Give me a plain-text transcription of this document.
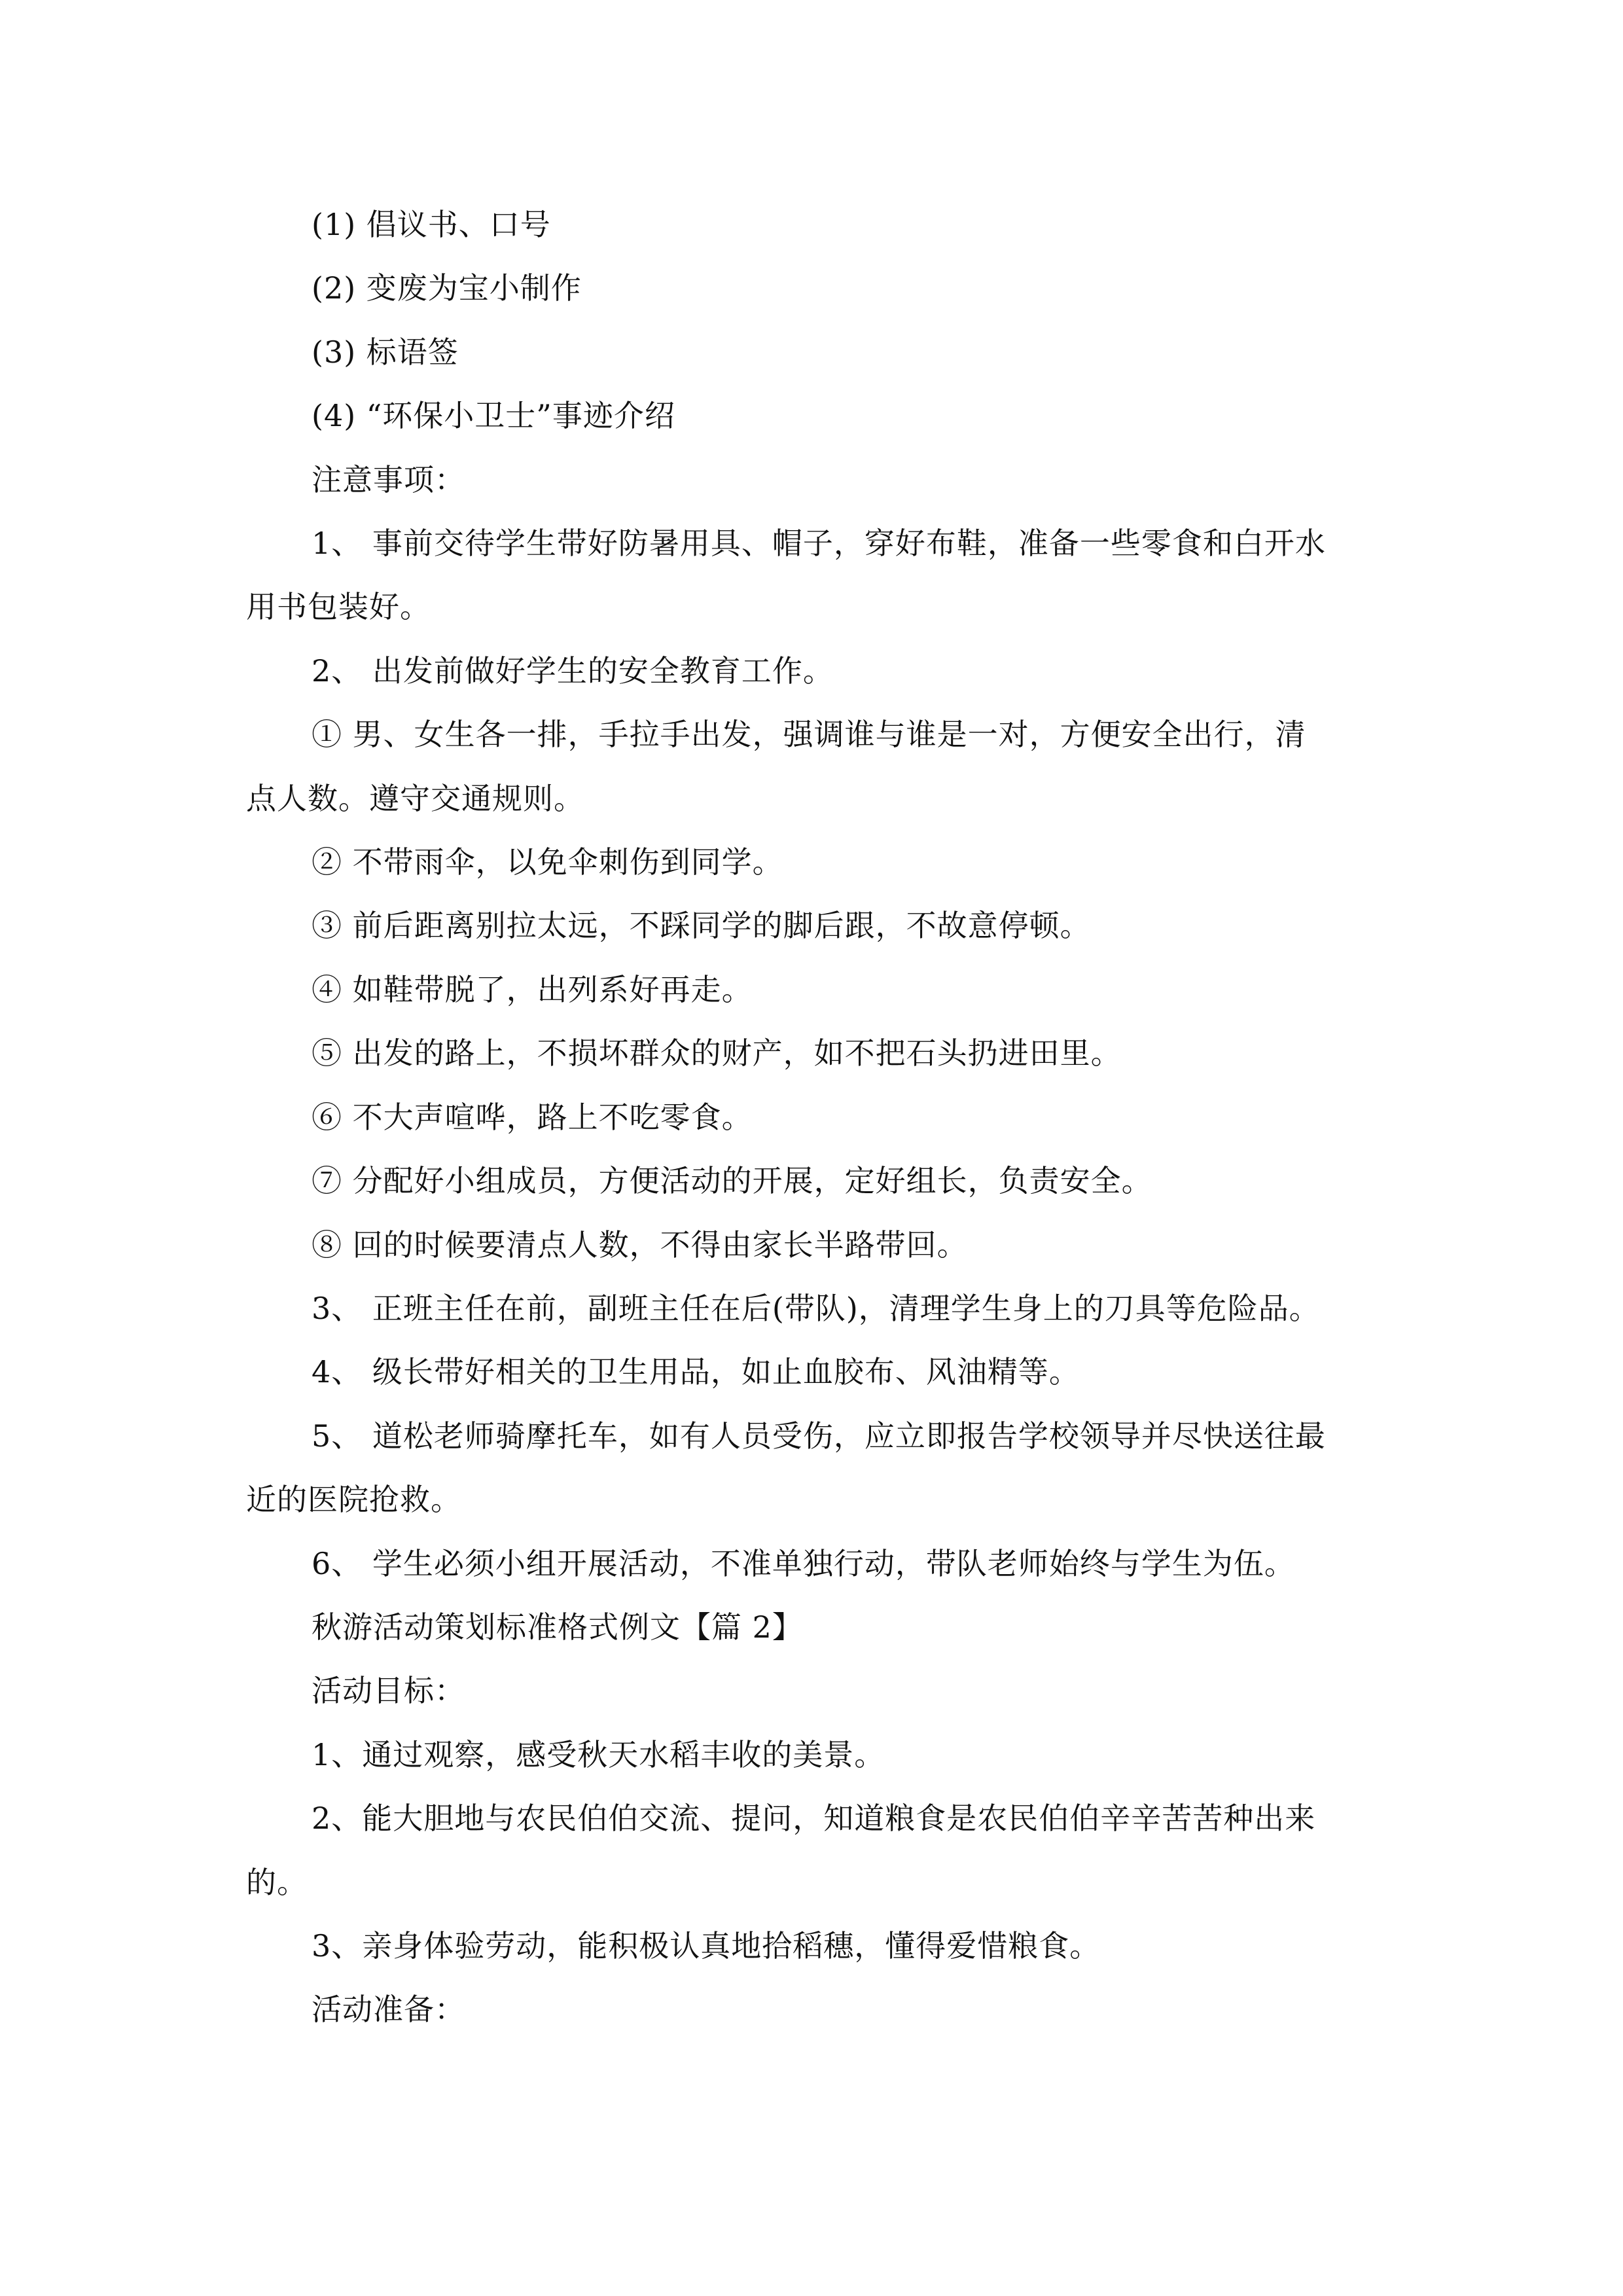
(1) 倡议书、口号
(2) 变废为宝小制作
(3) 标语签
(4) “环保小卫士”事迹介绍
注意事项：
1、 事前交待学生带好防暑用具、帽子，穿好布鞋，准备一些零食和白开水
用书包装好。
2、 出发前做好学生的安全教育工作。
① 男、女生各一排，手拉手出发，强调谁与谁是一对，方便安全出行，清
点人数。遵守交通规则。
② 不带雨伞，以免伞刺伤到同学。
③ 前后距离别拉太远，不踩同学的脚后跟，不故意停顿。
④ 如鞋带脱了，出列系好再走。
⑤ 出发的路上，不损坏群众的财产，如不把石头扔进田里。
⑥ 不大声喧哗，路上不吃零食。
⑦ 分配好小组成员，方便活动的开展，定好组长，负责安全。
⑧ 回的时候要清点人数，不得由家长半路带回。
3、 正班主任在前，副班主任在后(带队)，清理学生身上的刀具等危险品。
4、 级长带好相关的卫生用品，如止血胶布、风油精等。
5、 道松老师骑摩托车，如有人员受伤，应立即报告学校领导并尽快送往最
近的医院抢救。
6、 学生必须小组开展活动，不准单独行动，带队老师始终与学生为伍。
秋游活动策划标准格式例文【篇 2】
活动目标：
1、通过观察，感受秋天水稻丰收的美景。
2、能大胆地与农民伯伯交流、提问，知道粮食是农民伯伯辛辛苦苦种出来
的。
3、亲身体验劳动，能积极认真地拾稻穗，懂得爱惜粮食。
活动准备：
